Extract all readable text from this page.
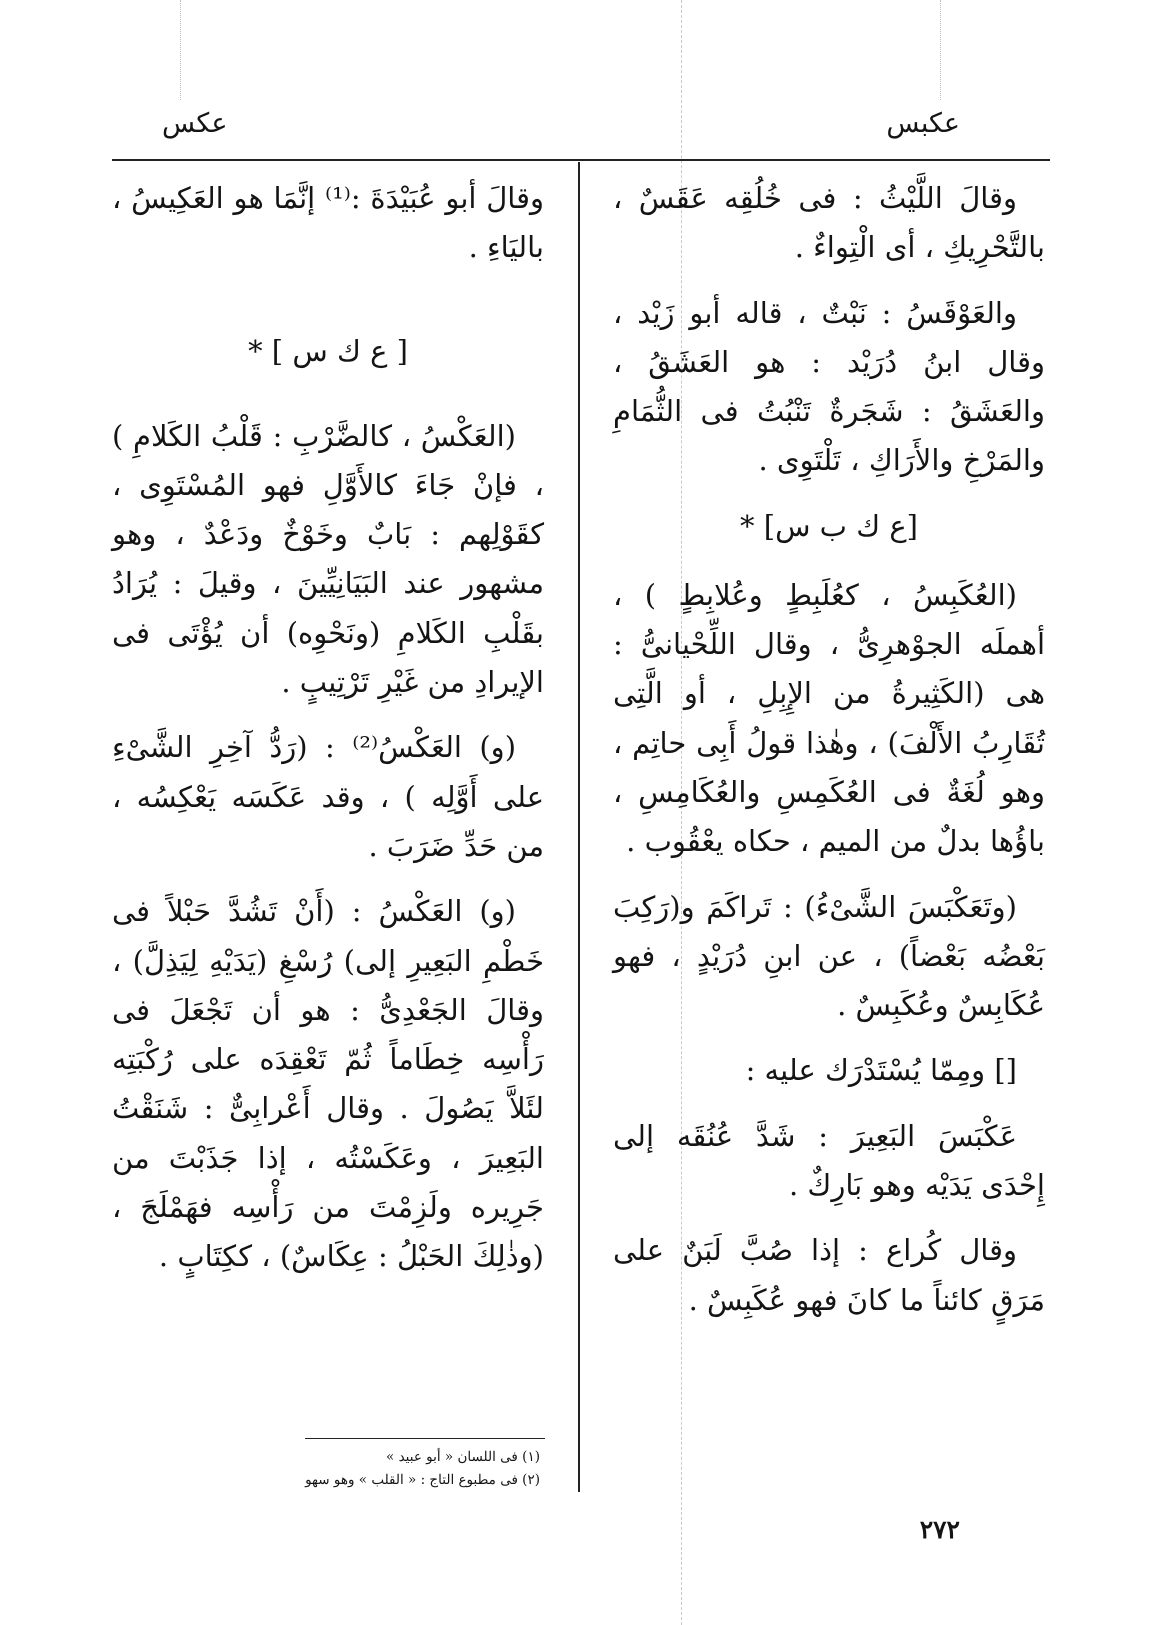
عكبس
عكس

وقالَ اللَّيْثُ : فى خُلُقِه عَقَسٌ ، بالتَّحْرِيكِ ، أى الْتِواءٌ .

والعَوْقَسُ : نَبْتٌ ، قاله أبو زَيْد ، وقال ابنُ دُرَيْد : هو العَشَقُ ، والعَشَقُ : شَجَرةٌ تَنْبُتُ فى الثُّمَامِ والمَرْخِ والأَرَاكِ ، تَلْتَوِى .

[ع ك ب س] *

(العُكَبِسُ ، كعُلَبِطٍ وعُلابِطٍ ) ، أهملَه الجوْهرِىُّ ، وقال اللِّحْيانىُّ : هى (الكَثِيرةُ من الإِبِلِ ، أو الَّتِى تُقَارِبُ الأَلْفَ) ، وهٰذا قولُ أَبِى حاتِم ، وهو لُغَةٌ فى العُكَمِسِ والعُكَامِسِ ، باؤُها بدلٌ من الميم ، حكاه يعْقُوب .

(وتَعَكْبَسَ الشَّىْءُ) : تَراكَمَ و(رَكِبَ بَعْضُه بَعْضاً) ، عن ابنِ دُرَيْدٍ ، فهو عُكَابِسٌ وعُكَبِسٌ .

[] ومِمّا يُسْتَدْرَك عليه :

عَكْبَسَ البَعِيرَ : شَدَّ عُنُقَه إلى إِحْدَى يَدَيْه وهو بَارِكٌ .

وقال كُراع : إذا صُبَّ لَبَنٌ على مَرَقٍ كائناً ما كانَ فهو عُكَبِسٌ .

وقالَ أبو عُبَيْدَةَ :⁽¹⁾ إنَّمَا هو العَكِيسُ ، باليَاءِ .

[ ع ك س ] *

(العَكْسُ ، كالضَّرْبِ : قَلْبُ الكَلامِ ) ، فإنْ جَاءَ كالأَوَّلِ فهو المُسْتَوِى ، كقَوْلِهم : بَابٌ وخَوْخٌ ودَعْدٌ ، وهو مشهور عند البَيَانِيِّينَ ، وقيلَ : يُرَادُ بقَلْبِ الكَلامِ (ونَحْوِه) أن يُؤْتَى فى الإيرادِ من غَيْرِ تَرْتِيبٍ .

(و) العَكْسُ⁽²⁾ : (رَدُّ آخِرِ الشَّىْءِ على أَوَّلِه ) ، وقد عَكَسَه يَعْكِسُه ، من حَدِّ ضَرَبَ .

(و) العَكْسُ : (أَنْ تَشُدَّ حَبْلاً فى خَطْمِ البَعِيرِ إلى) رُسْغِ (يَدَيْهِ لِيَذِلَّ) ، وقالَ الجَعْدِىُّ : هو أن تَجْعَلَ فى رَأْسِه خِطَاماً ثُمّ تَعْقِدَه على رُكْبَتِه لئَلاَّ يَصُولَ . وقال أَعْرابِىٌّ : شَنَقْتُ البَعِيرَ ، وعَكَسْتُه ، إذا جَذَبْتَ من جَرِيره ولَزِمْتَ من رَأْسِه فهَمْلَجَ ، (وذٰلِكَ الحَبْلُ : عِكَاسٌ) ، ككِتَابٍ .

(١) فى اللسان « أبو عبيد »
(٢) فى مطبوع التاج : « القلب » وهو سهو
٢٧٢
